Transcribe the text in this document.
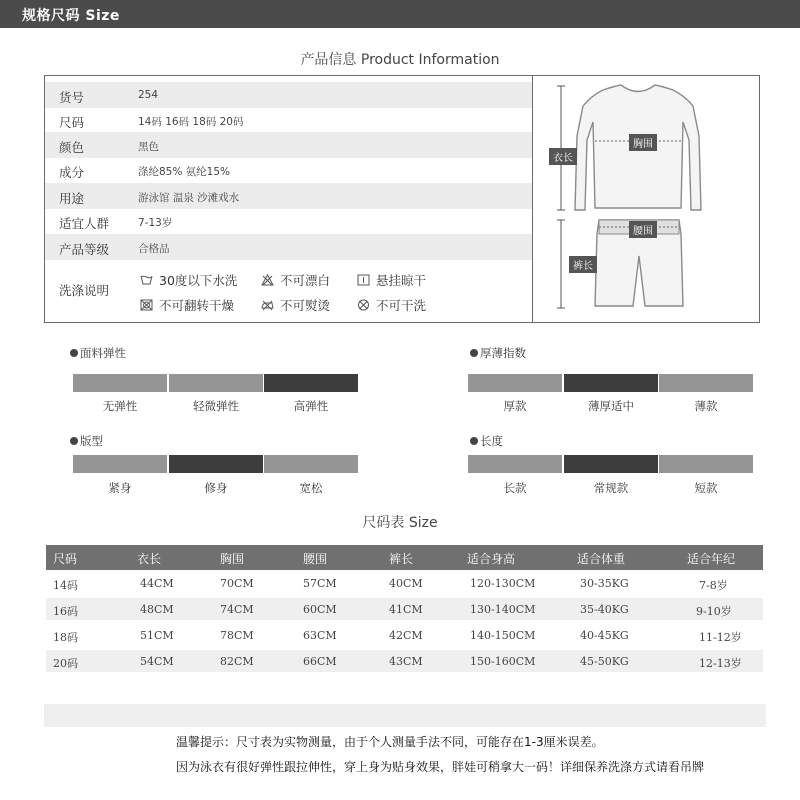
规格尺码 Size
产品信息 Product Information
货号	254
尺码	14码 16码 18码 20码
颜色	黑色
成分	涤纶85% 氨纶15%
用途	游泳馆 温泉 沙滩戏水
适宜人群	7-13岁
产品等级	合格品
洗涤说明
30度以下水洗	不可漂白	悬挂晾干
不可翻转干燥	不可熨烫	不可干洗
衣长
胸围
腰围
裤长
面料弹性
无弹性	轻微弹性	高弹性
厚薄指数
厚款	薄厚适中	薄款
版型
紧身	修身	宽松
长度
长款	常规款	短款
尺码表 Size
尺码	衣长	胸围	腰围	裤长	适合身高	适合体重	适合年纪
14码	44CM	70CM	57CM	40CM	120-130CM	30-35KG	7-8岁
16码	48CM	74CM	60CM	41CM	130-140CM	35-40KG	9-10岁
18码	51CM	78CM	63CM	42CM	140-150CM	40-45KG	11-12岁
20码	54CM	82CM	66CM	43CM	150-160CM	45-50KG	12-13岁
温馨提示：尺寸表为实物测量，由于个人测量手法不同，可能存在1-3厘米误差。
因为泳衣有很好弹性跟拉伸性，穿上身为贴身效果，胖娃可稍拿大一码！详细保养洗涤方式请看吊牌
